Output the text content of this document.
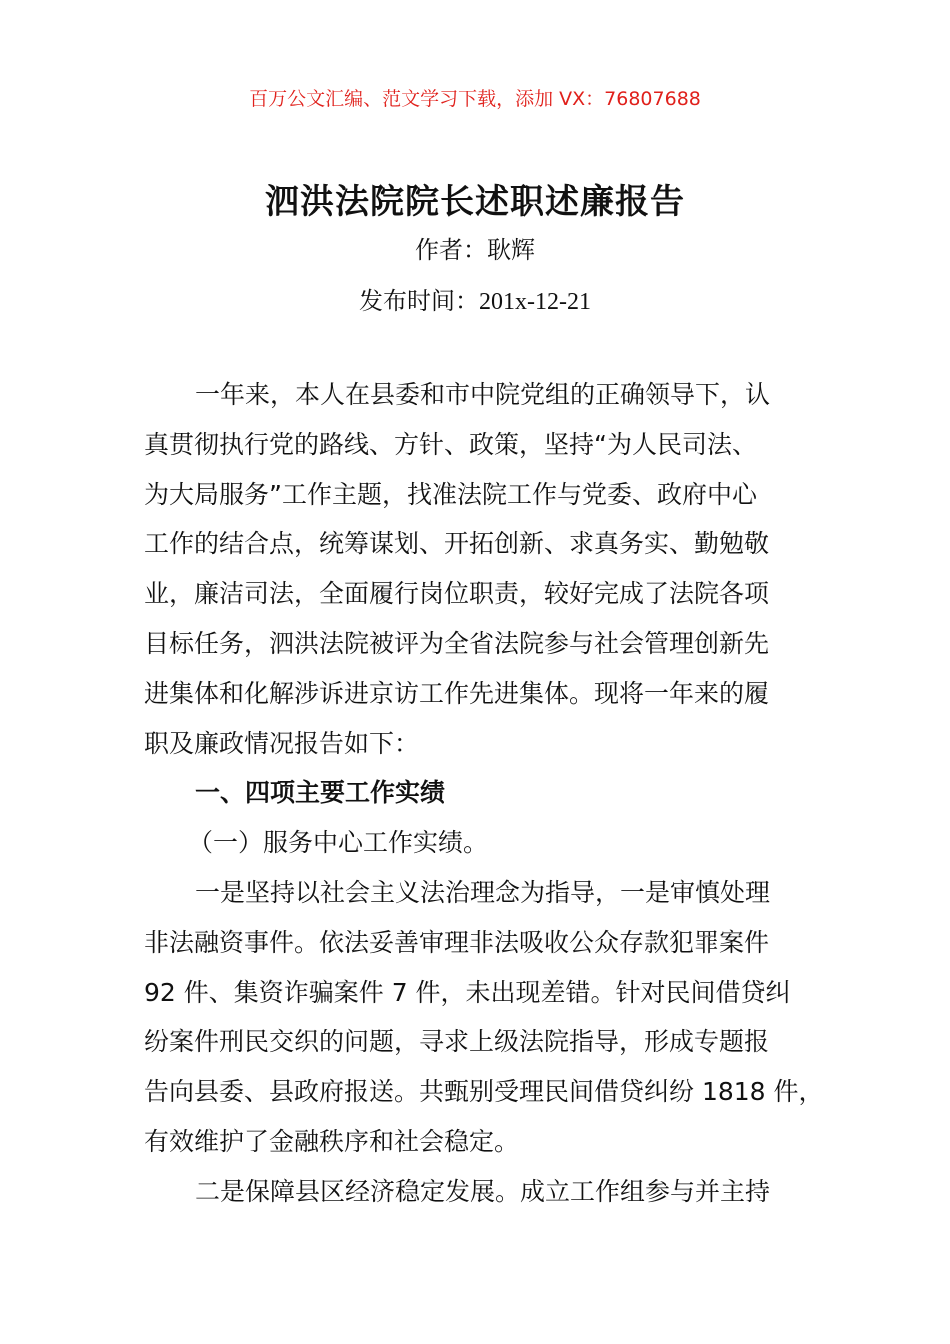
百万公文汇编、范文学习下载，添加 VX：76807688
泗洪法院院长述职述廉报告
作者：耿辉
发布时间：201x-12-21
一年来，本人在县委和市中院党组的正确领导下，认
真贯彻执行党的路线、方针、政策，坚持“为人民司法、
为大局服务”工作主题，找准法院工作与党委、政府中心
工作的结合点，统筹谋划、开拓创新、求真务实、勤勉敬
业，廉洁司法，全面履行岗位职责，较好完成了法院各项
目标任务，泗洪法院被评为全省法院参与社会管理创新先
进集体和化解涉诉进京访工作先进集体。现将一年来的履
职及廉政情况报告如下：
一、四项主要工作实绩
（一）服务中心工作实绩。
一是坚持以社会主义法治理念为指导，一是审慎处理
非法融资事件。依法妥善审理非法吸收公众存款犯罪案件
92 件、集资诈骗案件 7 件，未出现差错。针对民间借贷纠
纷案件刑民交织的问题，寻求上级法院指导，形成专题报
告向县委、县政府报送。共甄别受理民间借贷纠纷 1818 件，
有效维护了金融秩序和社会稳定。
二是保障县区经济稳定发展。成立工作组参与并主持
